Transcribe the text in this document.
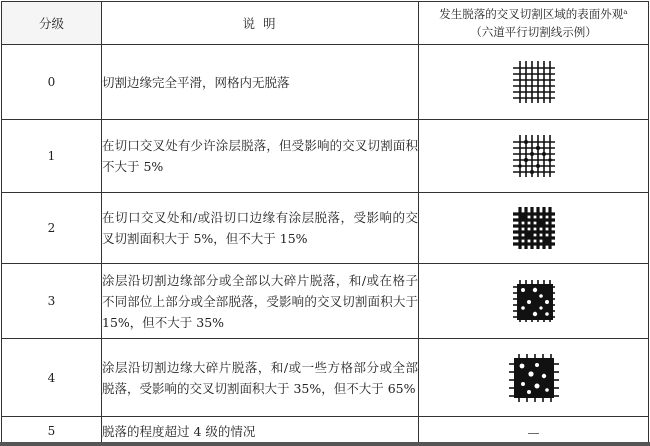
分级	说 明	发生脱落的交叉切割区域的表面外观ᵃ
（六道平行切割线示例）

0	切割边缘完全平滑，网格内无脱落	

1	在切口交叉处有少许涂层脱落，但受影响的交叉切割面积不大于 5%	

2	在切口交叉处和/或沿切口边缘有涂层脱落，受影响的交叉切割面积大于 5%，但不大于 15%	

3	涂层沿切割边缘部分或全部以大碎片脱落，和/或在格子不同部位上部分或全部脱落，受影响的交叉切割面积大于 15%，但不大于 35%	

4	涂层沿切割边缘大碎片脱落，和/或一些方格部分或全部脱落，受影响的交叉切割面积大于 35%，但不大于 65%	

5	脱落的程度超过 4 级的情况	—
